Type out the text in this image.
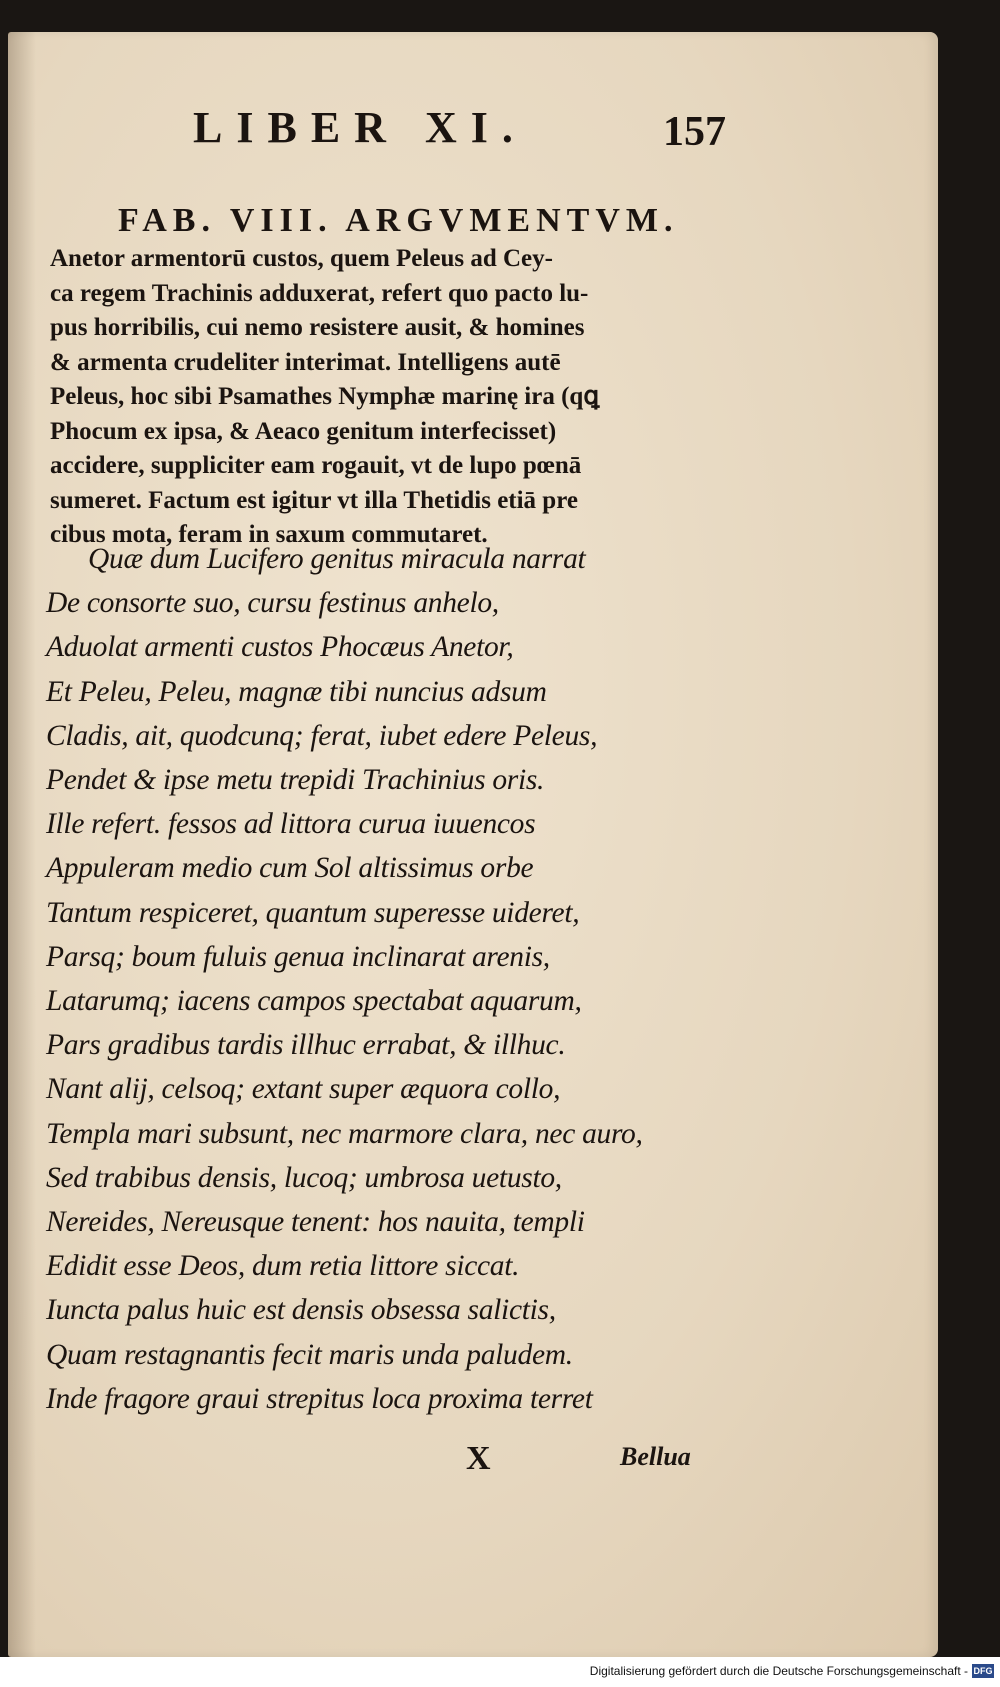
LIBER XI.	157
FAB. VIII. ARGVMENTVM.
Anetor armentorū custos, quem Peleus ad Cey-
ca regem Trachinis adduxerat, refert quo pacto lu-
pus horribilis, cui nemo resistere ausit, & homines
& armenta crudeliter interimat. Intelligens autē
Peleus, hoc sibi Psamathes Nymphæ marinę ira (qꝗ
Phocum ex ipsa, & Aeaco genitum interfecisset)
accidere, suppliciter eam rogauit, vt de lupo pœnā
sumeret. Factum est igitur vt illa Thetidis etiā pre
cibus mota, feram in saxum commutaret.
Quæ dum Lucifero genitus miracula narrat
De consorte suo, cursu festinus anhelo,
Aduolat armenti custos Phocæus Anetor,
Et Peleu, Peleu, magnæ tibi nuncius adsum
Cladis, ait, quodcunq; ferat, iubet edere Peleus,
Pendet & ipse metu trepidi Trachinius oris.
Ille refert. fessos ad littora curua iuuencos
Appuleram medio cum Sol altissimus orbe
Tantum respiceret, quantum superesse uideret,
Parsq; boum fuluis genua inclinarat arenis,
Latarumq; iacens campos spectabat aquarum,
Pars gradibus tardis illhuc errabat, & illhuc.
Nant alij, celsoq; extant super æquora collo,
Templa mari subsunt, nec marmore clara, nec auro,
Sed trabibus densis, lucoq; umbrosa uetusto,
Nereides, Nereusque tenent: hos nauita, templi
Edidit esse Deos, dum retia littore siccat.
Iuncta palus huic est densis obsessa salictis,
Quam restagnantis fecit maris unda paludem.
Inde fragore graui strepitus loca proxima terret
X	Bellua
Digitalisierung gefördert durch die Deutsche Forschungsgemeinschaft - DFG
